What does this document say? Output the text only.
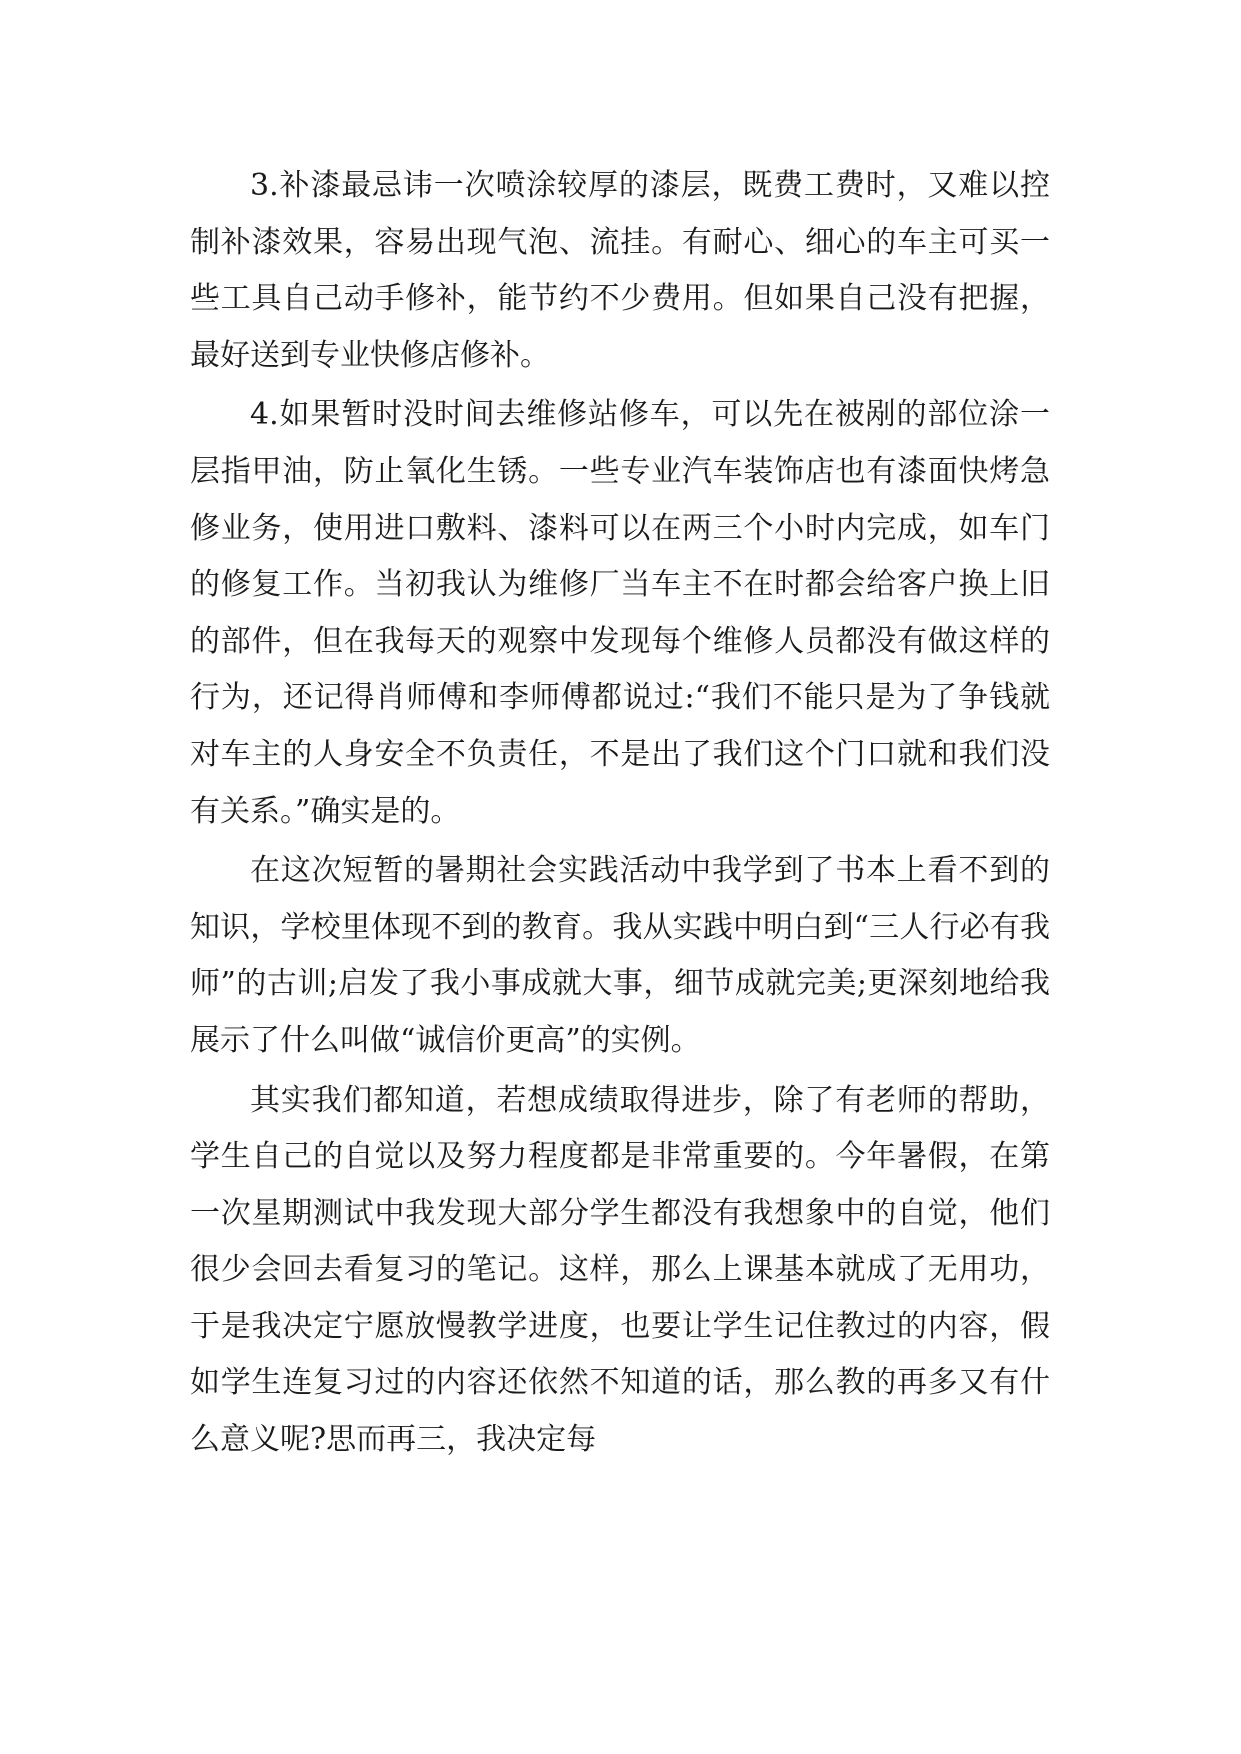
3.补漆最忌讳一次喷涂较厚的漆层，既费工费时，又难以控制补漆效果，容易出现气泡、流挂。有耐心、细心的车主可买一些工具自己动手修补，能节约不少费用。但如果自己没有把握，最好送到专业快修店修补。

4.如果暂时没时间去维修站修车，可以先在被剐的部位涂一层指甲油，防止氧化生锈。一些专业汽车装饰店也有漆面快烤急修业务，使用进口敷料、漆料可以在两三个小时内完成，如车门的修复工作。当初我认为维修厂当车主不在时都会给客户换上旧的部件，但在我每天的观察中发现每个维修人员都没有做这样的行为，还记得肖师傅和李师傅都说过:“我们不能只是为了争钱就对车主的人身安全不负责任，不是出了我们这个门口就和我们没有关系。”确实是的。

在这次短暂的暑期社会实践活动中我学到了书本上看不到的知识，学校里体现不到的教育。我从实践中明白到“三人行必有我师”的古训;启发了我小事成就大事，细节成就完美;更深刻地给我展示了什么叫做“诚信价更高”的实例。

其实我们都知道，若想成绩取得进步，除了有老师的帮助，学生自己的自觉以及努力程度都是非常重要的。今年暑假，在第一次星期测试中我发现大部分学生都没有我想象中的自觉，他们很少会回去看复习的笔记。这样，那么上课基本就成了无用功，于是我决定宁愿放慢教学进度，也要让学生记住教过的内容，假如学生连复习过的内容还依然不知道的话，那么教的再多又有什么意义呢?思而再三，我决定每
